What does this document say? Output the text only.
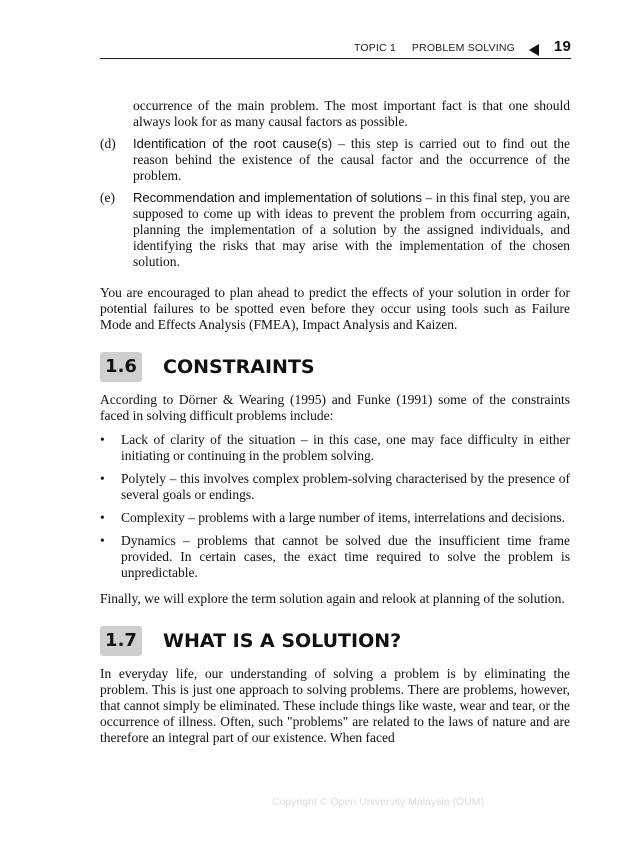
TOPIC 1 PROBLEM SOLVING	19

occurrence of the main problem. The most important fact is that one should always look for as many causal factors as possible.

(d) Identification of the root cause(s) – this step is carried out to find out the reason behind the existence of the causal factor and the occurrence of the problem.

(e) Recommendation and implementation of solutions – in this final step, you are supposed to come up with ideas to prevent the problem from occurring again, planning the implementation of a solution by the assigned individuals, and identifying the risks that may arise with the implementation of the chosen solution.

You are encouraged to plan ahead to predict the effects of your solution in order for potential failures to be spotted even before they occur using tools such as Failure Mode and Effects Analysis (FMEA), Impact Analysis and Kaizen.

1.6 CONSTRAINTS

According to Dörner & Wearing (1995) and Funke (1991) some of the constraints faced in solving difficult problems include:

• Lack of clarity of the situation – in this case, one may face difficulty in either initiating or continuing in the problem solving.
• Polytely – this involves complex problem-solving characterised by the presence of several goals or endings.
• Complexity – problems with a large number of items, interrelations and decisions.
• Dynamics – problems that cannot be solved due the insufficient time frame provided. In certain cases, the exact time required to solve the problem is unpredictable.

Finally, we will explore the term solution again and relook at planning of the solution.

1.7 WHAT IS A SOLUTION?

In everyday life, our understanding of solving a problem is by eliminating the problem. This is just one approach to solving problems. There are problems, however, that cannot simply be eliminated. These include things like waste, wear and tear, or the occurrence of illness. Often, such "problems" are related to the laws of nature and are therefore an integral part of our existence. When faced

Copyright © Open University Malaysia (OUM)
